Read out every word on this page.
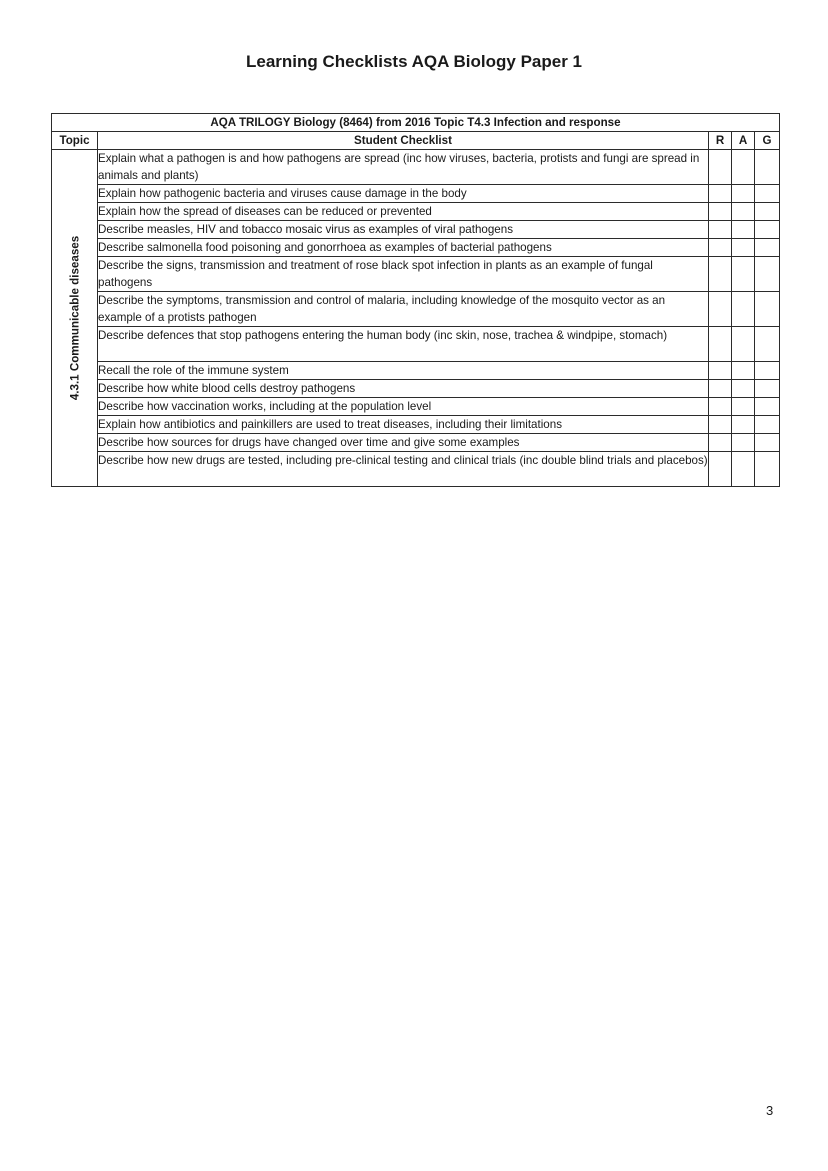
Learning Checklists AQA Biology Paper 1
AQA TRILOGY Biology (8464) from 2016 Topic T4.3 Infection and response				
Topic	Student Checklist	R	A	G

4.3.1 Communicable diseases	Explain what a pathogen is and how pathogens are spread (inc how viruses, bacteria, protists and fungi are spread in animals and plants)			
	Explain how pathogenic bacteria and viruses cause damage in the body			
	Explain how the spread of diseases can be reduced or prevented			
	Describe measles, HIV and tobacco mosaic virus as examples of viral pathogens			
	Describe salmonella food poisoning and gonorrhoea as examples of bacterial pathogens			
	Describe the signs, transmission and treatment of rose black spot infection in plants as an example of fungal pathogens			
	Describe the symptoms, transmission and control of malaria, including knowledge of the mosquito vector as an example of a protists pathogen			
	Describe defences that stop pathogens entering the human body (inc skin, nose, trachea & windpipe, stomach)			
	Recall the role of the immune system			
	Describe how white blood cells destroy pathogens			
	Describe how vaccination works, including at the population level			
	Explain how antibiotics and painkillers are used to treat diseases, including their limitations			
	Describe how sources for drugs have changed over time and give some examples			
	Describe how new drugs are tested, including pre-clinical testing and clinical trials (inc double blind trials and placebos)			
3
